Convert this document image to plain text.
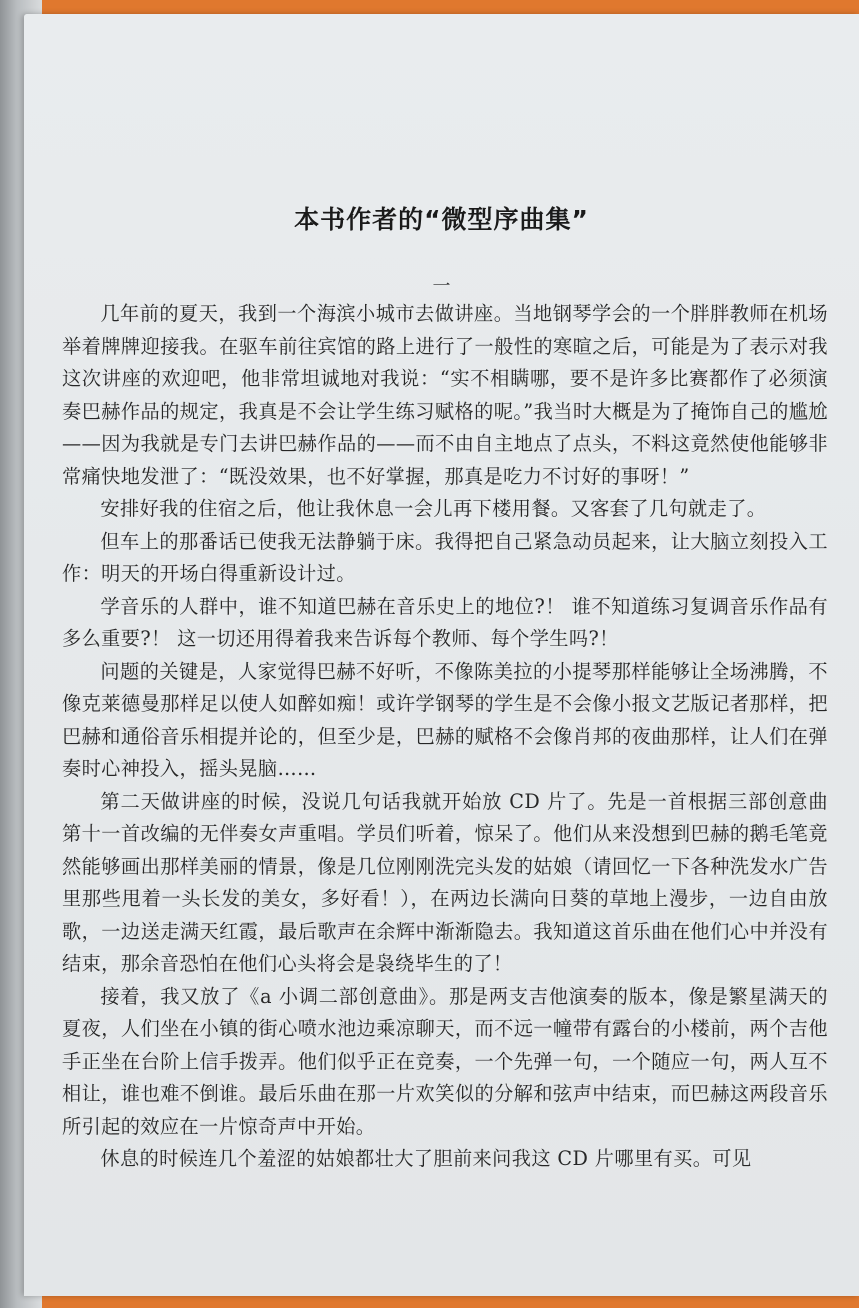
本书作者的“微型序曲集”
一

几年前的夏天，我到一个海滨小城市去做讲座。当地钢琴学会的一个胖胖教师在机场举着牌牌迎接我。在驱车前往宾馆的路上进行了一般性的寒暄之后，可能是为了表示对我这次讲座的欢迎吧，他非常坦诚地对我说：“实不相瞒哪，要不是许多比赛都作了必须演奏巴赫作品的规定，我真是不会让学生练习赋格的呢。”我当时大概是为了掩饰自己的尴尬——因为我就是专门去讲巴赫作品的——而不由自主地点了点头，不料这竟然使他能够非常痛快地发泄了：“既没效果，也不好掌握，那真是吃力不讨好的事呀！”

安排好我的住宿之后，他让我休息一会儿再下楼用餐。又客套了几句就走了。

但车上的那番话已使我无法静躺于床。我得把自己紧急动员起来，让大脑立刻投入工作：明天的开场白得重新设计过。

学音乐的人群中，谁不知道巴赫在音乐史上的地位?！ 谁不知道练习复调音乐作品有多么重要?！ 这一切还用得着我来告诉每个教师、每个学生吗?！

问题的关键是，人家觉得巴赫不好听，不像陈美拉的小提琴那样能够让全场沸腾，不像克莱德曼那样足以使人如醉如痴！或许学钢琴的学生是不会像小报文艺版记者那样，把巴赫和通俗音乐相提并论的，但至少是，巴赫的赋格不会像肖邦的夜曲那样，让人们在弹奏时心神投入，摇头晃脑……

第二天做讲座的时候，没说几句话我就开始放 CD 片了。先是一首根据三部创意曲第十一首改编的无伴奏女声重唱。学员们听着，惊呆了。他们从来没想到巴赫的鹅毛笔竟然能够画出那样美丽的情景，像是几位刚刚洗完头发的姑娘（请回忆一下各种洗发水广告里那些甩着一头长发的美女，多好看！），在两边长满向日葵的草地上漫步，一边自由放歌，一边送走满天红霞，最后歌声在余辉中渐渐隐去。我知道这首乐曲在他们心中并没有结束，那余音恐怕在他们心头将会是袅绕毕生的了！

接着，我又放了《a 小调二部创意曲》。那是两支吉他演奏的版本，像是繁星满天的夏夜，人们坐在小镇的街心喷水池边乘凉聊天，而不远一幢带有露台的小楼前，两个吉他手正坐在台阶上信手拨弄。他们似乎正在竞奏，一个先弹一句，一个随应一句，两人互不相让，谁也难不倒谁。最后乐曲在那一片欢笑似的分解和弦声中结束，而巴赫这两段音乐所引起的效应在一片惊奇声中开始。

休息的时候连几个羞涩的姑娘都壮大了胆前来问我这 CD 片哪里有买。可见
